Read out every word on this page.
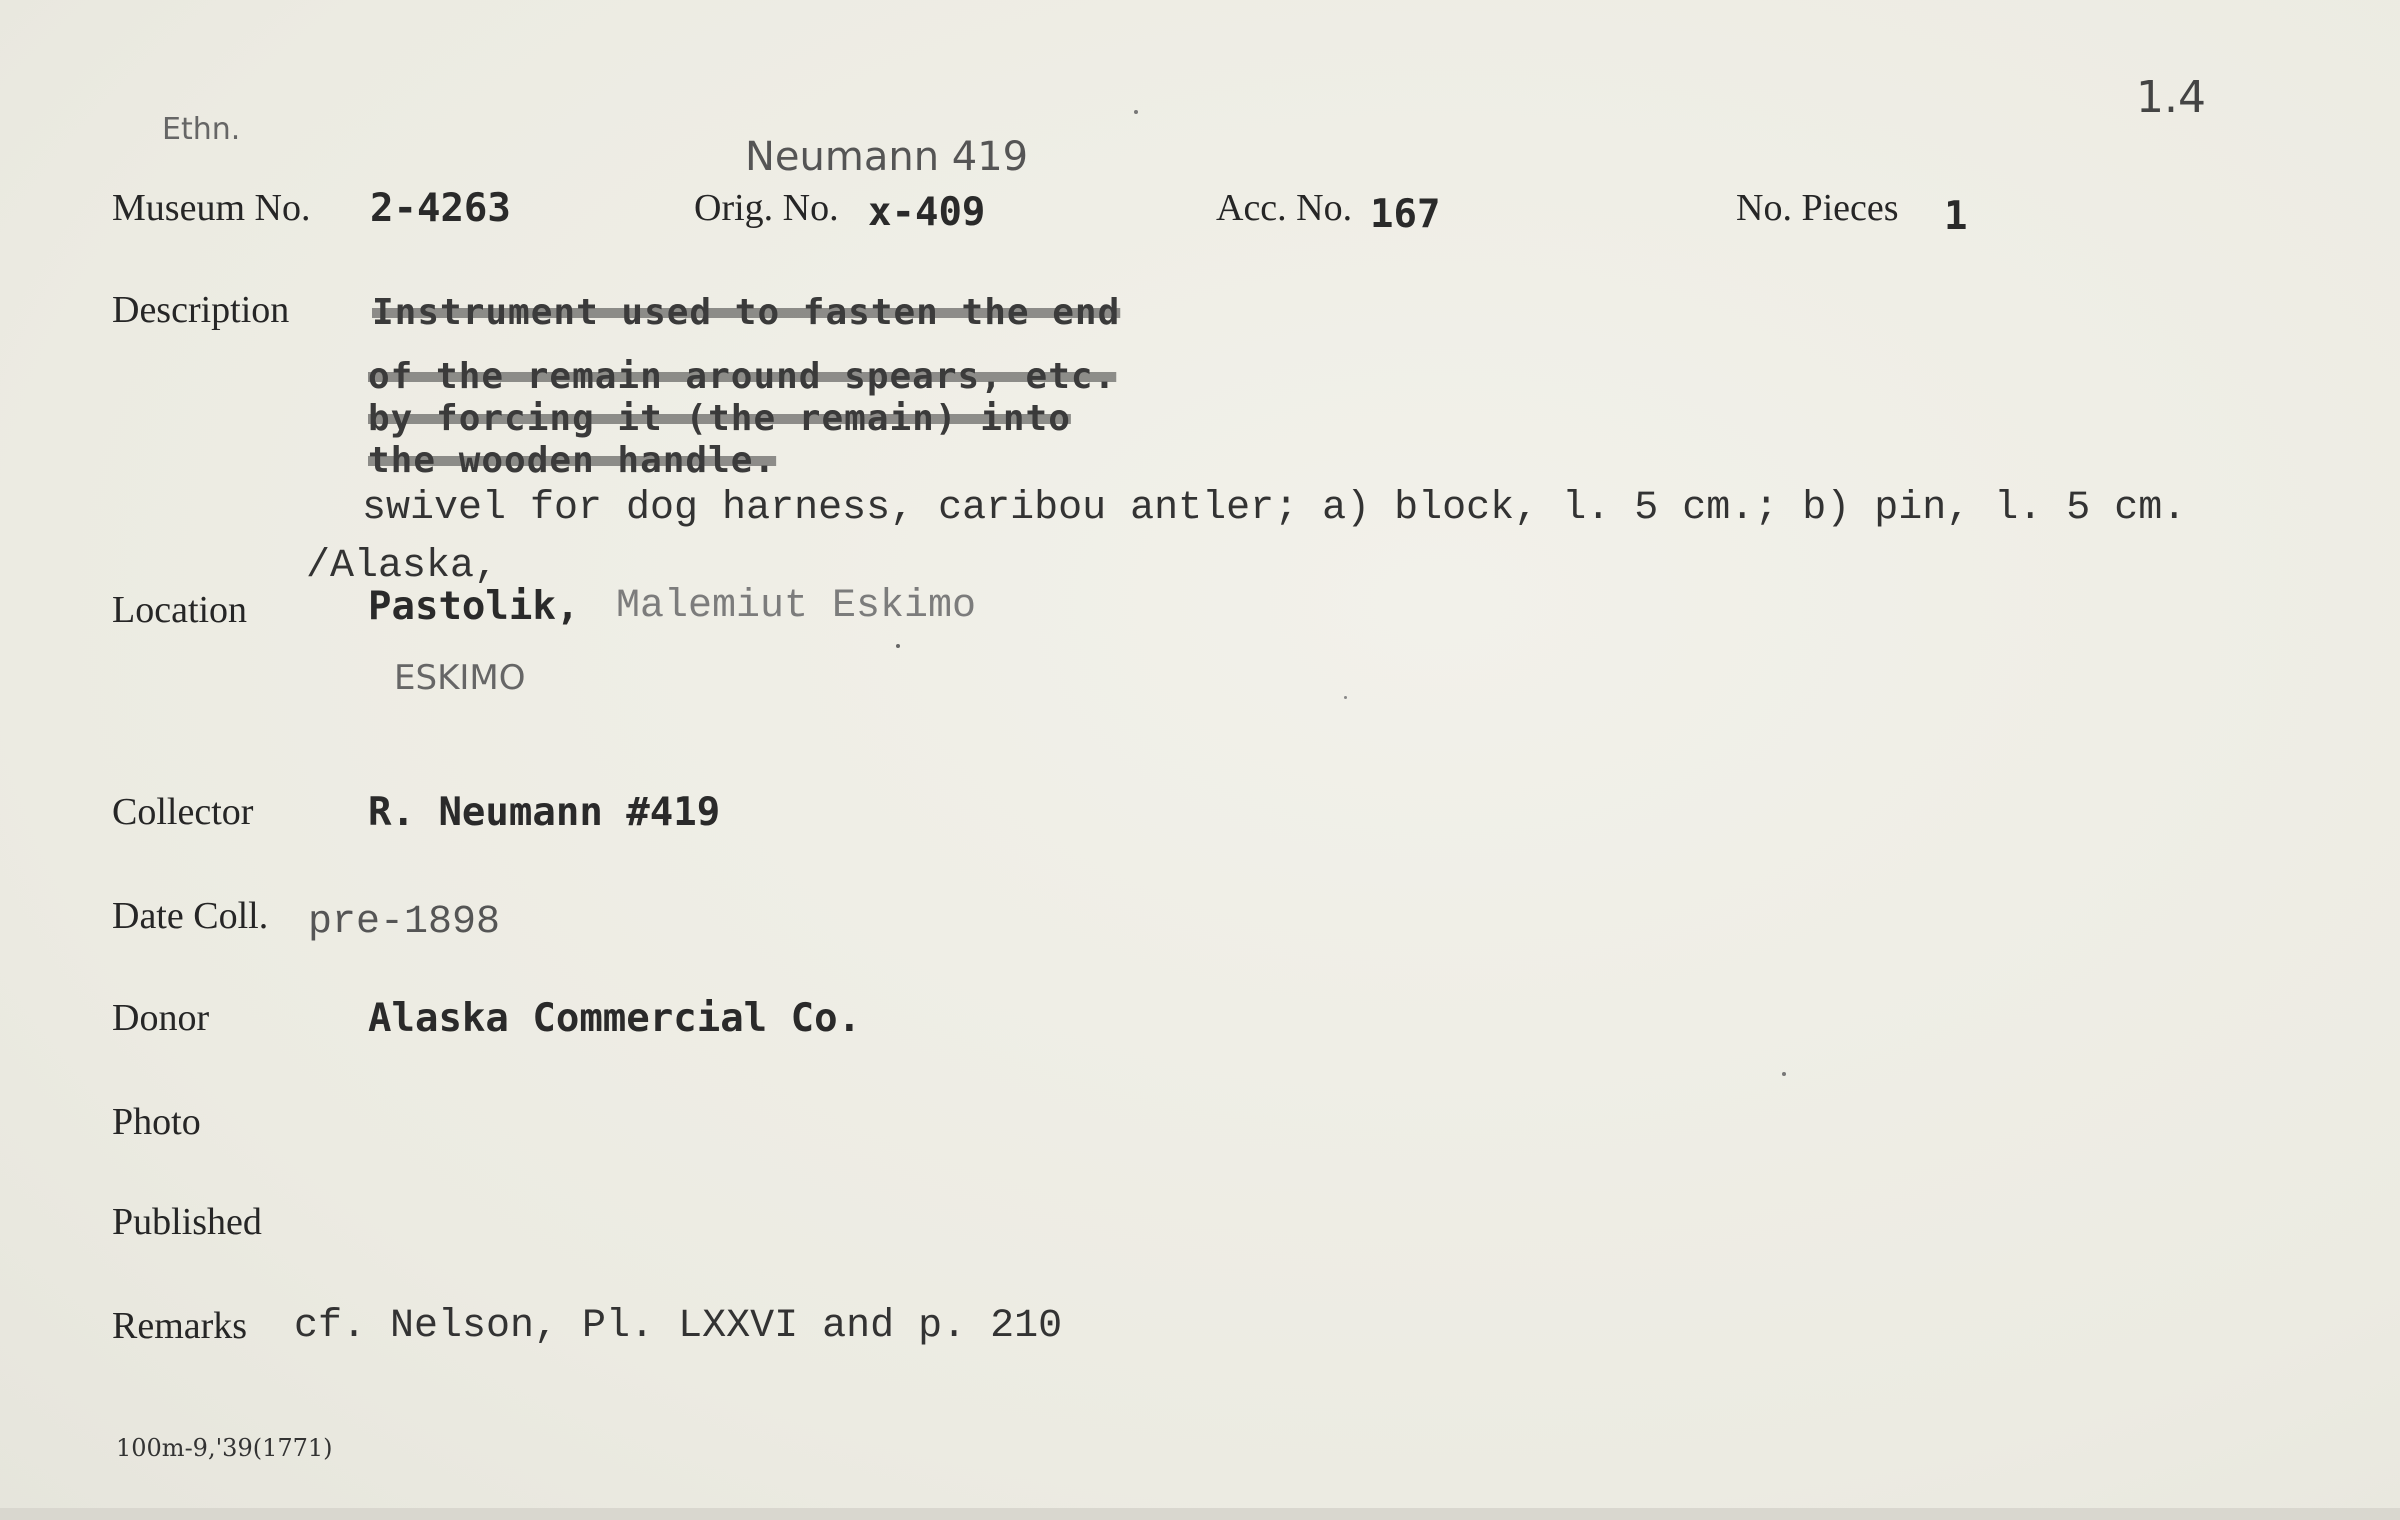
Ethn.
1.4
Neumann 419
Museum No. 2-4263	Orig. No. x-409	Acc. No. 167	No. Pieces 1
Description Instrument used to fasten the end
of the remain around spears, etc.
by forcing it (the remain) into
the wooden handle.
swivel for dog harness, caribou antler; a) block, l. 5 cm.; b) pin, l. 5 cm.
/Alaska,
Location	Pastolik, Malemiut Eskimo
ESKIMO
Collector	R. Neumann #419
Date Coll. pre-1898
Donor	Alaska Commercial Co.
Photo
Published
Remarks cf. Nelson, Pl. LXXVI and p. 210
100m-9,'39(1771)
